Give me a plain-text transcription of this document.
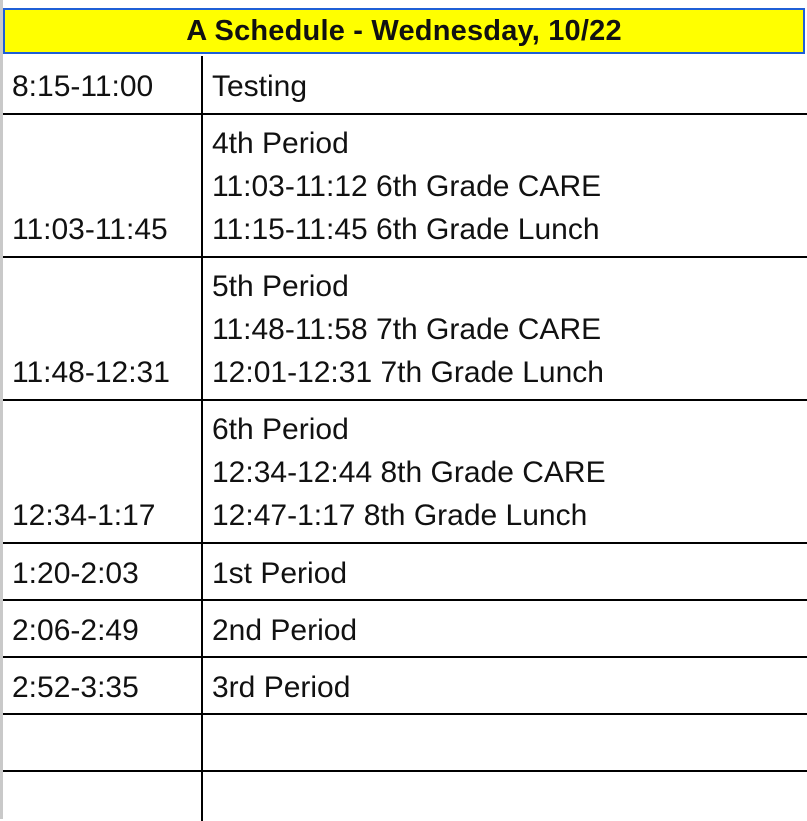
A Schedule - Wednesday, 10/22
8:15-11:00	Testing

11:03-11:45	4th Period
11:03-11:12 6th Grade CARE
11:15-11:45 6th Grade Lunch

11:48-12:31	5th Period
11:48-11:58 7th Grade CARE
12:01-12:31 7th Grade Lunch

12:34-1:17	6th Period
12:34-12:44 8th Grade CARE
12:47-1:17 8th Grade Lunch

1:20-2:03	1st Period

2:06-2:49	2nd Period

2:52-3:35	3rd Period
